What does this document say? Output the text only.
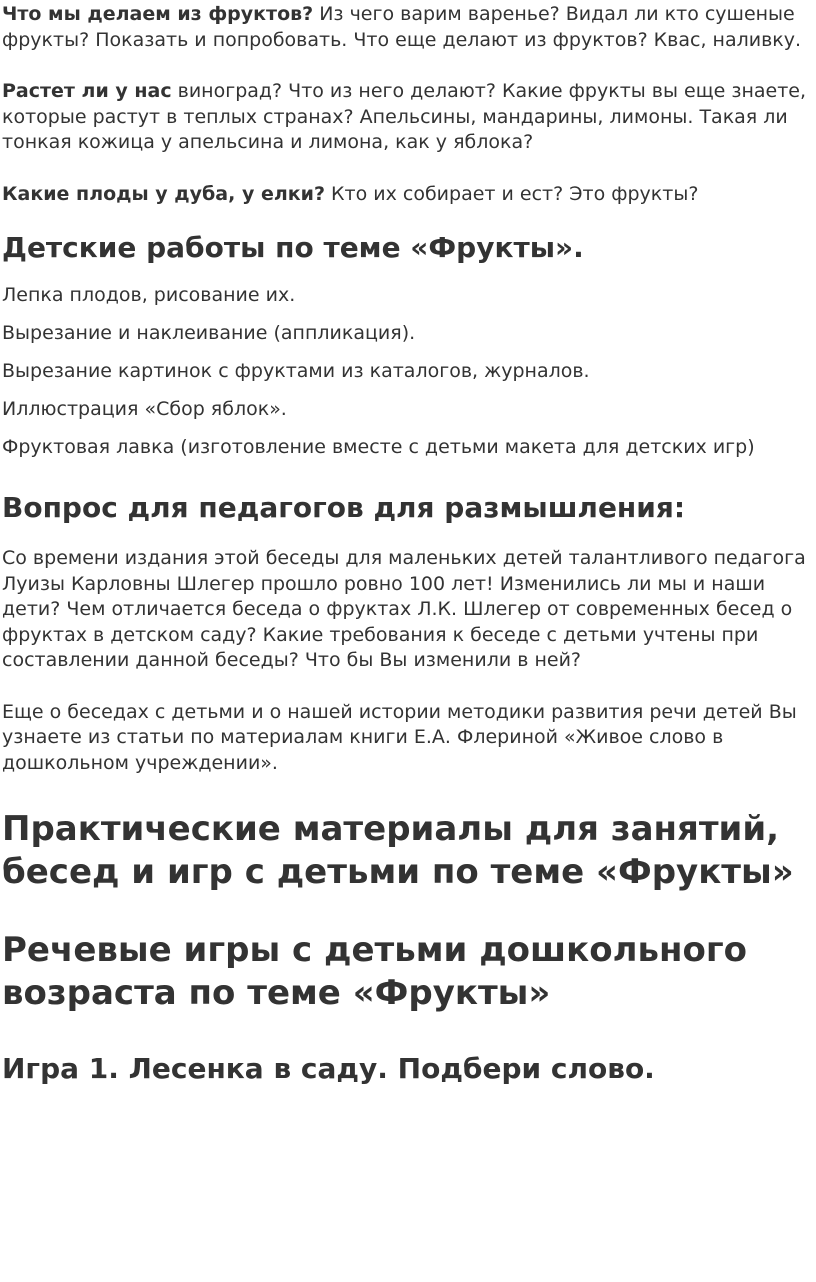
Что мы делаем из фруктов? Из чего варим варенье? Видал ли кто сушеные фрукты? Показать и попробовать. Что еще делают из фруктов? Квас, наливку.

Растет ли у нас виноград? Что из него делают? Какие фрукты вы еще знаете, которые растут в теплых странах? Апельсины, мандарины, лимоны. Такая ли тонкая кожица у апельсина и лимона, как у яблока?

Какие плоды у дуба, у елки? Кто их собирает и ест? Это фрукты?

Детские работы по теме «Фрукты».

Лепка плодов, рисование их.

Вырезание и наклеивание (аппликация).

Вырезание картинок с фруктами из каталогов, журналов.

Иллюстрация «Сбор яблок».

Фруктовая лавка (изготовление вместе с детьми макета для детских игр)

Вопрос для педагогов для размышления:

Со времени издания этой беседы для маленьких детей талантливого педагога Луизы Карловны Шлегер прошло ровно 100 лет! Изменились ли мы и наши дети? Чем отличается беседа о фруктах Л.К. Шлегер от современных бесед о фруктах в детском саду? Какие требования к беседе с детьми учтены при составлении данной беседы? Что бы Вы изменили в ней?

Еще о беседах с детьми и о нашей истории методики развития речи детей Вы узнаете из статьи по материалам книги Е.А. Флериной «Живое слово в дошкольном учреждении».

Практические материалы для занятий, бесед и игр с детьми по теме «Фрукты»
Речевые игры с детьми дошкольного возраста по теме «Фрукты»
Игра 1. Лесенка в саду. Подбери слово.
